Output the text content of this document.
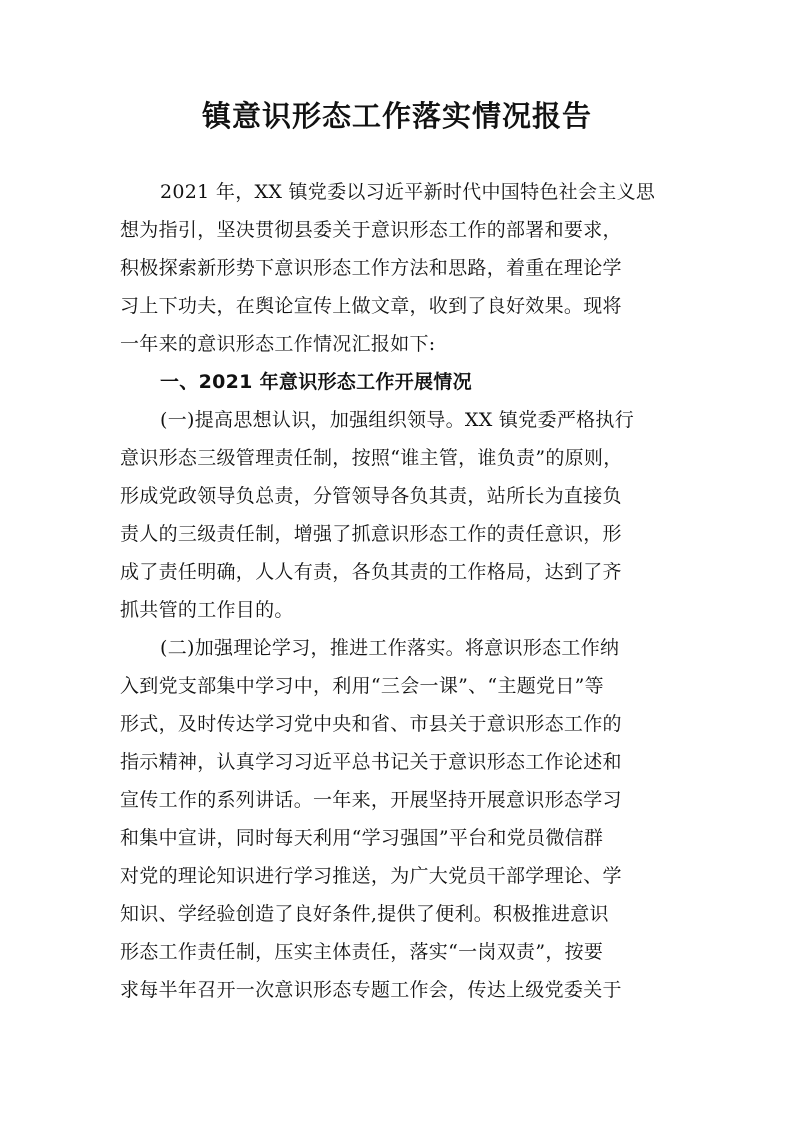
镇意识形态工作落实情况报告
2021 年，XX 镇党委以习近平新时代中国特色社会主义思
想为指引，坚决贯彻县委关于意识形态工作的部署和要求，
积极探索新形势下意识形态工作方法和思路，着重在理论学
习上下功夫，在舆论宣传上做文章，收到了良好效果。现将
一年来的意识形态工作情况汇报如下:
一、2021 年意识形态工作开展情况
(一)提高思想认识，加强组织领导。XX 镇党委严格执行
意识形态三级管理责任制，按照“谁主管，谁负责”的原则，
形成党政领导负总责，分管领导各负其责，站所长为直接负
责人的三级责任制，增强了抓意识形态工作的责任意识，形
成了责任明确，人人有责，各负其责的工作格局，达到了齐
抓共管的工作目的。
(二)加强理论学习，推进工作落实。将意识形态工作纳
入到党支部集中学习中，利用“三会一课”、“主题党日”等
形式，及时传达学习党中央和省、市县关于意识形态工作的
指示精神，认真学习习近平总书记关于意识形态工作论述和
宣传工作的系列讲话。一年来，开展坚持开展意识形态学习
和集中宣讲，同时每天利用“学习强国”平台和党员微信群
对党的理论知识进行学习推送，为广大党员干部学理论、学
知识、学经验创造了良好条件,提供了便利。积极推进意识
形态工作责任制，压实主体责任，落实“一岗双责”，按要
求每半年召开一次意识形态专题工作会，传达上级党委关于
